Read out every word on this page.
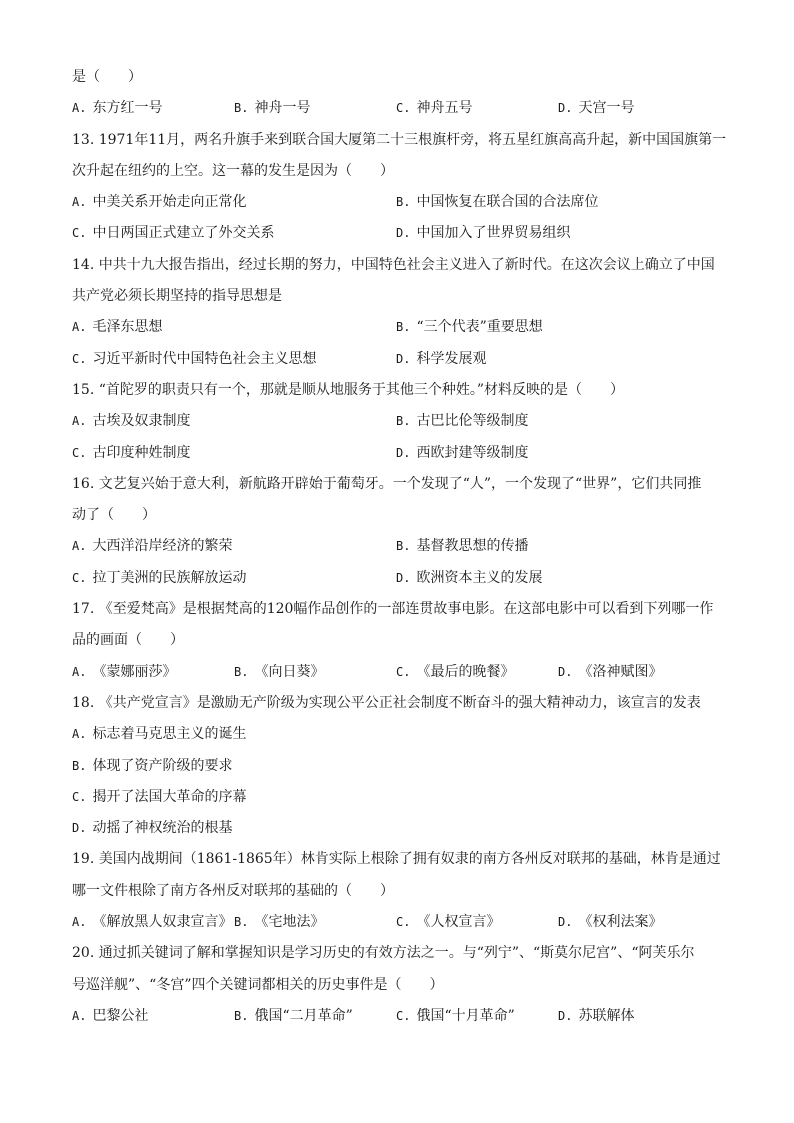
是（　　）
A. 东方红一号	B. 神舟一号	C. 神舟五号	D. 天宫一号
13. 1971年11月，两名升旗手来到联合国大厦第二十三根旗杆旁，将五星红旗高高升起，新中国国旗第一
次升起在纽约的上空。这一幕的发生是因为（　　）
A. 中美关系开始走向正常化	B. 中国恢复在联合国的合法席位
C. 中日两国正式建立了外交关系	D. 中国加入了世界贸易组织
14. 中共十九大报告指出，经过长期的努力，中国特色社会主义进入了新时代。在这次会议上确立了中国
共产党必须长期坚持的指导思想是
A. 毛泽东思想	B. “三个代表”重要思想
C. 习近平新时代中国特色社会主义思想	D. 科学发展观
15. “首陀罗的职责只有一个，那就是顺从地服务于其他三个种姓。”材料反映的是（　　）
A. 古埃及奴隶制度	B. 古巴比伦等级制度
C. 古印度种姓制度	D. 西欧封建等级制度
16. 文艺复兴始于意大利，新航路开辟始于葡萄牙。一个发现了“人”，一个发现了“世界”，它们共同推
动了（　　）
A. 大西洋沿岸经济的繁荣	B. 基督教思想的传播
C. 拉丁美洲的民族解放运动	D. 欧洲资本主义的发展
17. 《至爱梵高》是根据梵高的120幅作品创作的一部连贯故事电影。在这部电影中可以看到下列哪一作
品的画面（　　）
A. 《蒙娜丽莎》	B. 《向日葵》	C. 《最后的晚餐》	D. 《洛神赋图》
18. 《共产党宣言》是激励无产阶级为实现公平公正社会制度不断奋斗的强大精神动力，该宣言的发表
A. 标志着马克思主义的诞生
B. 体现了资产阶级的要求
C. 揭开了法国大革命的序幕
D. 动摇了神权统治的根基
19. 美国内战期间（1861-1865年）林肯实际上根除了拥有奴隶的南方各州反对联邦的基础，林肯是通过
哪一文件根除了南方各州反对联邦的基础的（　　）
A. 《解放黑人奴隶宣言》 B. 《宅地法》	C. 《人权宣言》	D. 《权利法案》
20. 通过抓关键词了解和掌握知识是学习历史的有效方法之一。与“列宁”、“斯莫尔尼宫”、“阿芙乐尔
号巡洋舰”、“冬宫”四个关键词都相关的历史事件是（　　）
A. 巴黎公社	B. 俄国“二月革命”	C. 俄国“十月革命”	D. 苏联解体
